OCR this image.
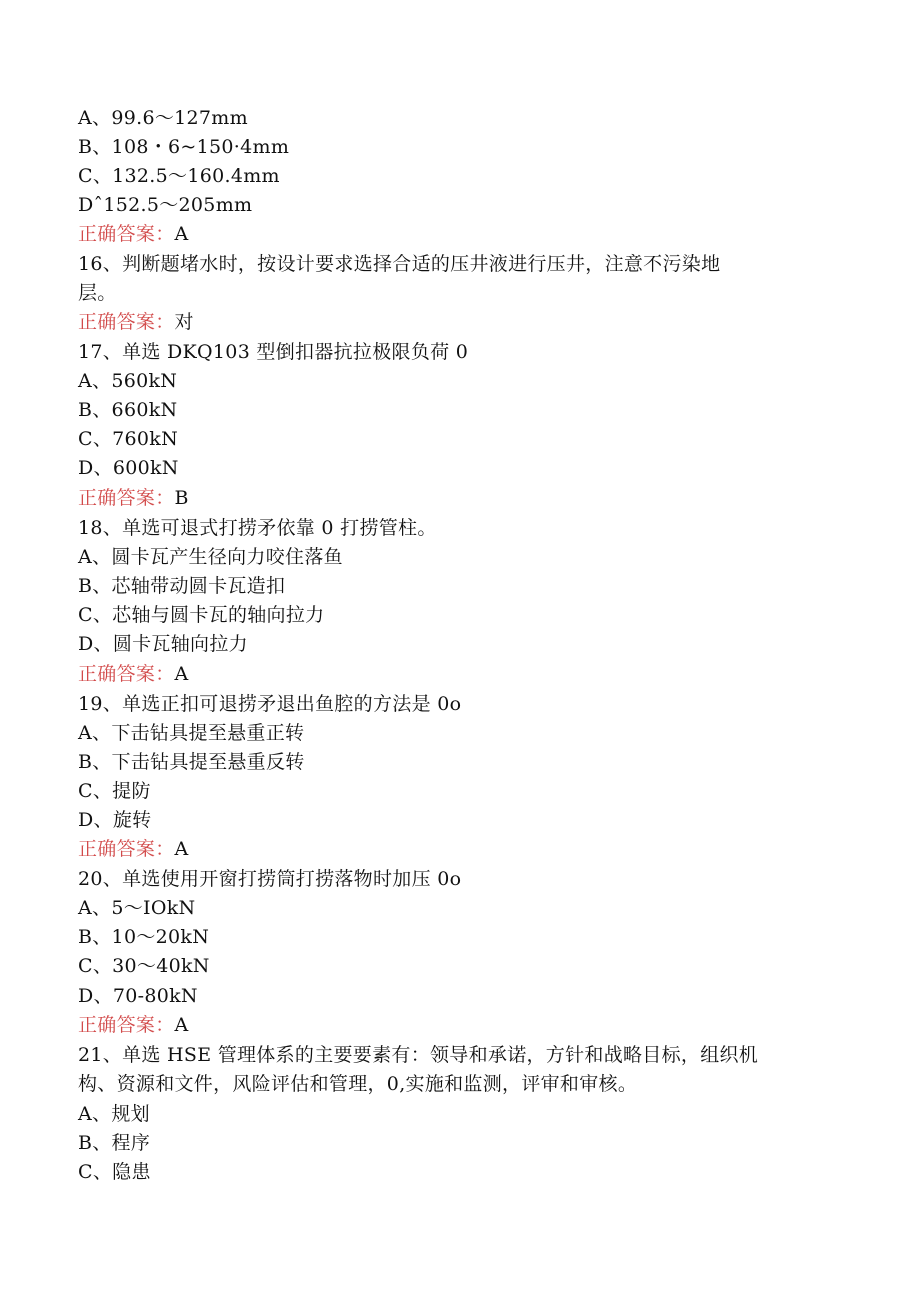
A、99.6～127mm
B、108・6~150·4mm
C、132.5～160.4mm
Dˆ152.5～205mm
正确答案：A
16、判断题堵水时，按设计要求选择合适的压井液进行压井，注意不污染地
层。
正确答案：对
17、单选 DKQ103 型倒扣器抗拉极限负荷 0
A、560kN
B、660kN
C、760kN
D、600kN
正确答案：B
18、单选可退式打捞矛依靠 0 打捞管柱。
A、圆卡瓦产生径向力咬住落鱼
B、芯轴带动圆卡瓦造扣
C、芯轴与圆卡瓦的轴向拉力
D、圆卡瓦轴向拉力
正确答案：A
19、单选正扣可退捞矛退出鱼腔的方法是 0o
A、下击钻具提至悬重正转
B、下击钻具提至悬重反转
C、提防
D、旋转
正确答案：A
20、单选使用开窗打捞筒打捞落物时加压 0o
A、5～IOkN
B、10～20kN
C、30～40kN
D、70-80kN
正确答案：A
21、单选 HSE 管理体系的主要要素有：领导和承诺，方针和战略目标，组织机
构、资源和文件，风险评估和管理，0,实施和监测，评审和审核。
A、规划
B、程序
C、隐患
